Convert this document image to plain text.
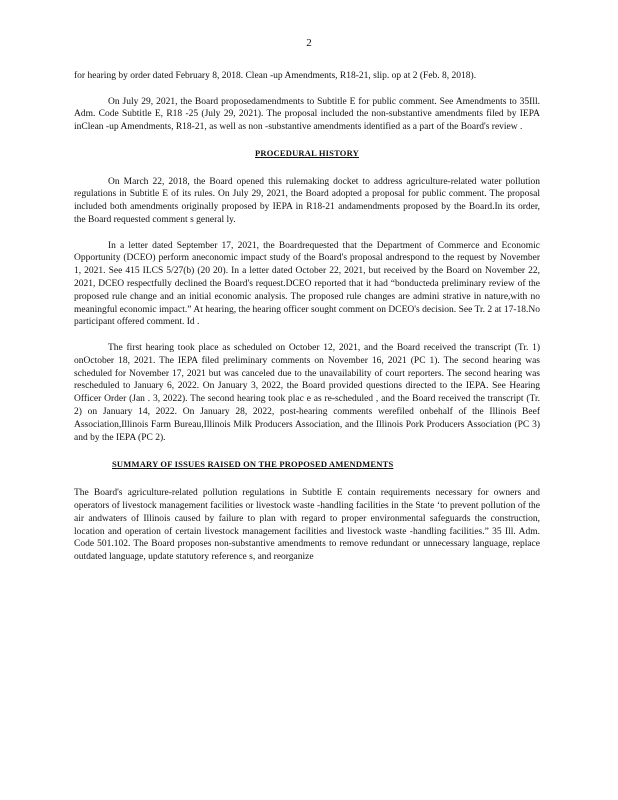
2

for hearing by order dated February 8, 2018. Clean -up Amendments, R18-21, slip. op at 2 (Feb. 8, 2018).

On July 29, 2021, the Board proposedamendments to Subtitle E for public comment. See Amendments to 35Ill. Adm. Code Subtitle E, R18 -25 (July 29, 2021). The proposal included the non-substantive amendments filed by IEPA inClean -up Amendments, R18-21, as well as non -substantive amendments identified as a part of the Board's review .

PROCEDURAL HISTORY

On March 22, 2018, the Board opened this rulemaking docket to address agriculture-related water pollution regulations in Subtitle E of its rules. On July 29, 2021, the Board adopted a proposal for public comment. The proposal included both amendments originally proposed by IEPA in R18-21 andamendments proposed by the Board.In its order, the Board requested comment s general ly.

In a letter dated September 17, 2021, the Boardrequested that the Department of Commerce and Economic Opportunity (DCEO) perform aneconomic impact study of the Board's proposal andrespond to the request by November 1, 2021. See 415 ILCS 5/27(b) (20 20). In a letter dated October 22, 2021, but received by the Board on November 22, 2021, DCEO respectfully declined the Board's request.DCEO reported that it had “bonducteda preliminary review of the proposed rule change and an initial economic analysis. The proposed rule changes are admini strative in nature,with no meaningful economic impact.” At hearing, the hearing officer sought comment on DCEO's decision. See Tr. 2 at 17-18.No participant offered comment. Id .

The first hearing took place as scheduled on October 12, 2021, and the Board received the transcript (Tr. 1) onOctober 18, 2021. The IEPA filed preliminary comments on November 16, 2021 (PC 1). The second hearing was scheduled for November 17, 2021 but was canceled due to the unavailability of court reporters. The second hearing was rescheduled to January 6, 2022. On January 3, 2022, the Board provided questions directed to the IEPA. See Hearing Officer Order (Jan . 3, 2022). The second hearing took plac e as re-scheduled , and the Board received the transcript (Tr. 2) on January 14, 2022. On January 28, 2022, post-hearing comments werefiled onbehalf of the Illinois Beef Association,Illinois Farm Bureau,Illinois Milk Producers Association, and the Illinois Pork Producers Association (PC 3) and by the IEPA (PC 2).

SUMMARY OF ISSUES RAISED ON THE PROPOSED AMENDMENTS

The Board's agriculture-related pollution regulations in Subtitle E contain requirements necessary for owners and operators of livestock management facilities or livestock waste -handling facilities in the State ‘to prevent pollution of the air andwaters of Illinois caused by failure to plan with regard to proper environmental safeguards the construction, location and operation of certain livestock management facilities and livestock waste -handling facilities.” 35 Ill. Adm. Code 501.102. The Board proposes non-substantive amendments to remove redundant or unnecessary language, replace outdated language, update statutory reference s, and reorganize
